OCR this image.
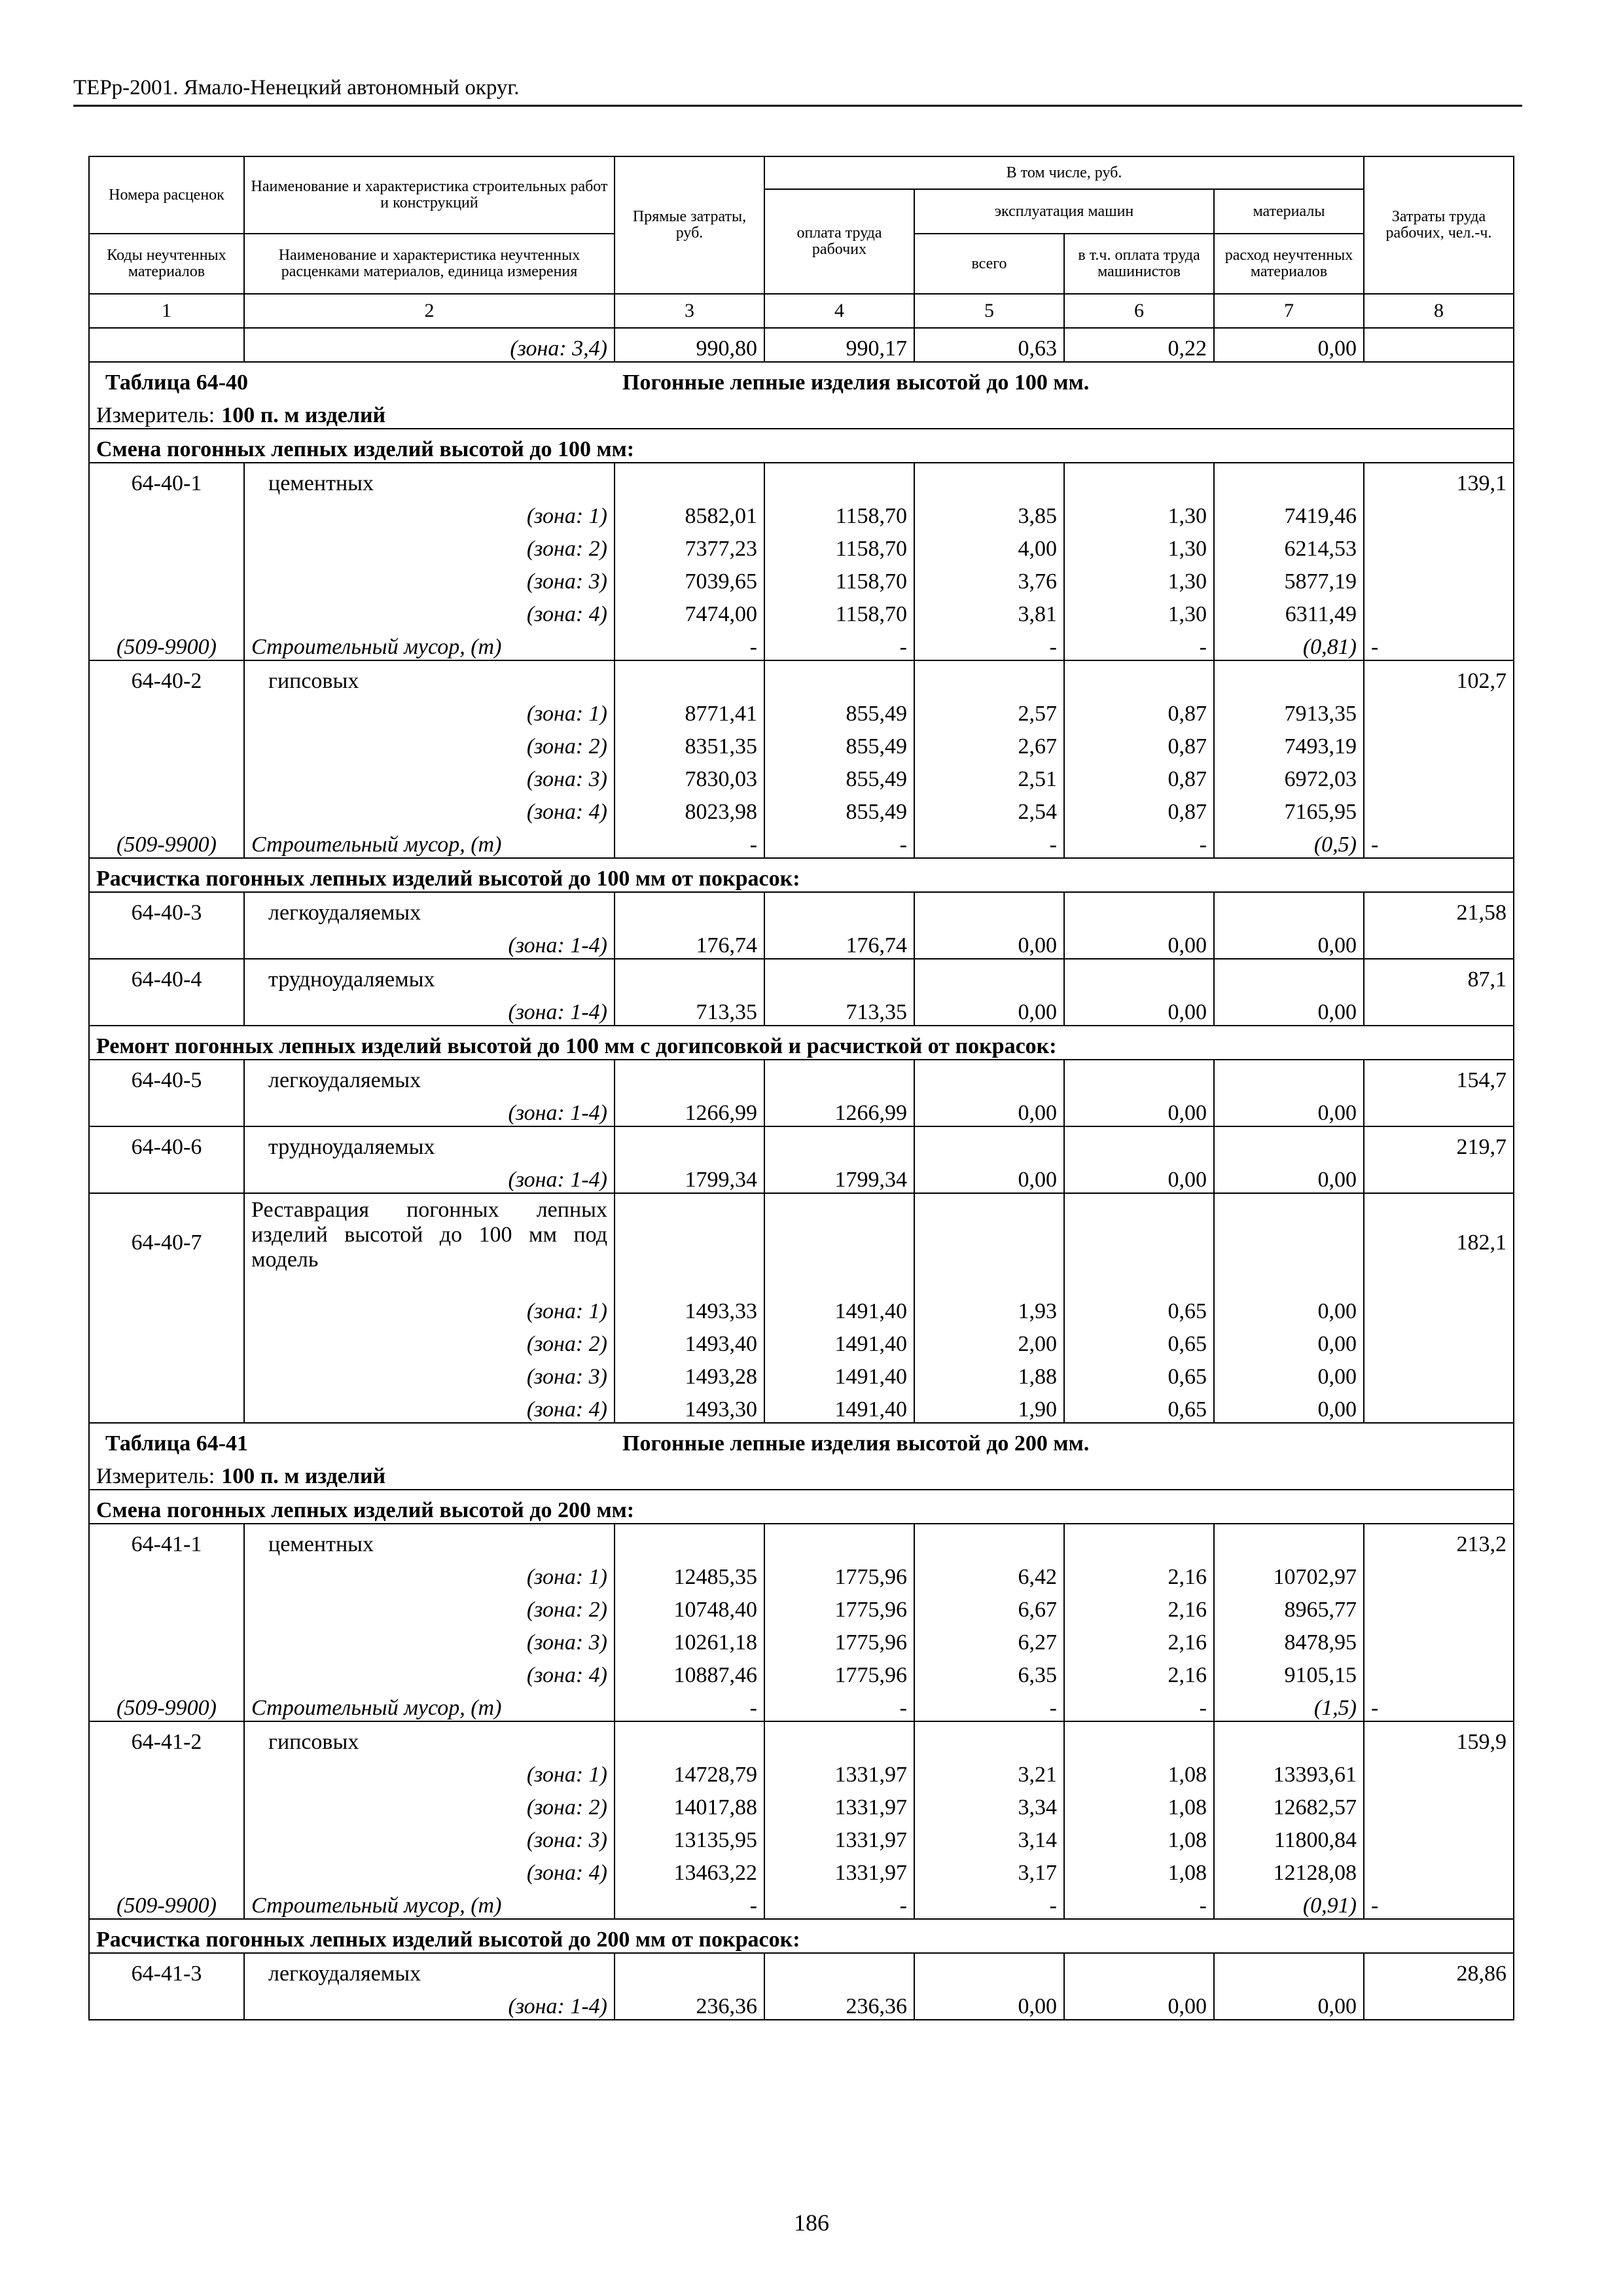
ТЕРр-2001. Ямало-Ненецкий автономный округ.
Номера расценок	Наименование и характеристика строительных работ и конструкций	Прямые затраты, руб.	В том числе, руб.				Затраты труда рабочих, чел.-ч.
			оплата труда рабочих	эксплуатация машин		материалы	
Коды неучтенных материалов	Наименование и характеристика неучтенных расценками материалов, единица измерения			всего	в т.ч. оплата труда машинистов	расход неучтенных материалов	
1	2	3	4	5	6	7	8
	(зона: 3,4)	990,80	990,17	0,63	0,22	0,00	
Таблица 64-40 Погонные лепные изделия высотой до 100 мм.							
Измеритель: 100 п. м изделий							
Смена погонных лепных изделий высотой до 100 мм:							
64-40-1	цементных						139,1
	(зона: 1)	8582,01	1158,70	3,85	1,30	7419,46	
	(зона: 2)	7377,23	1158,70	4,00	1,30	6214,53	
	(зона: 3)	7039,65	1158,70	3,76	1,30	5877,19	
	(зона: 4)	7474,00	1158,70	3,81	1,30	6311,49	
(509-9900)	Строительный мусор, (т)	-	-	-	-	(0,81)	-
64-40-2	гипсовых						102,7
	(зона: 1)	8771,41	855,49	2,57	0,87	7913,35	
	(зона: 2)	8351,35	855,49	2,67	0,87	7493,19	
	(зона: 3)	7830,03	855,49	2,51	0,87	6972,03	
	(зона: 4)	8023,98	855,49	2,54	0,87	7165,95	
(509-9900)	Строительный мусор, (т)	-	-	-	-	(0,5)	-
Расчистка погонных лепных изделий высотой до 100 мм от покрасок:							
64-40-3	легкоудаляемых						21,58
	(зона: 1-4)	176,74	176,74	0,00	0,00	0,00	
64-40-4	трудноудаляемых						87,1
	(зона: 1-4)	713,35	713,35	0,00	0,00	0,00	
Ремонт погонных лепных изделий высотой до 100 мм с догипсовкой и расчисткой от покрасок:							
64-40-5	легкоудаляемых						154,7
	(зона: 1-4)	1266,99	1266,99	0,00	0,00	0,00	
64-40-6	трудноудаляемых						219,7
	(зона: 1-4)	1799,34	1799,34	0,00	0,00	0,00	
64-40-7	Реставрация погонных лепных изделий высотой до 100 мм под модель						182,1
	(зона: 1)	1493,33	1491,40	1,93	0,65	0,00	
	(зона: 2)	1493,40	1491,40	2,00	0,65	0,00	
	(зона: 3)	1493,28	1491,40	1,88	0,65	0,00	
	(зона: 4)	1493,30	1491,40	1,90	0,65	0,00	
Таблица 64-41 Погонные лепные изделия высотой до 200 мм.							
Измеритель: 100 п. м изделий							
Смена погонных лепных изделий высотой до 200 мм:							
64-41-1	цементных						213,2
	(зона: 1)	12485,35	1775,96	6,42	2,16	10702,97	
	(зона: 2)	10748,40	1775,96	6,67	2,16	8965,77	
	(зона: 3)	10261,18	1775,96	6,27	2,16	8478,95	
	(зона: 4)	10887,46	1775,96	6,35	2,16	9105,15	
(509-9900)	Строительный мусор, (т)	-	-	-	-	(1,5)	-
64-41-2	гипсовых						159,9
	(зона: 1)	14728,79	1331,97	3,21	1,08	13393,61	
	(зона: 2)	14017,88	1331,97	3,34	1,08	12682,57	
	(зона: 3)	13135,95	1331,97	3,14	1,08	11800,84	
	(зона: 4)	13463,22	1331,97	3,17	1,08	12128,08	
(509-9900)	Строительный мусор, (т)	-	-	-	-	(0,91)	-
Расчистка погонных лепных изделий высотой до 200 мм от покрасок:							
64-41-3	легкоудаляемых						28,86
	(зона: 1-4)	236,36	236,36	0,00	0,00	0,00	
186
